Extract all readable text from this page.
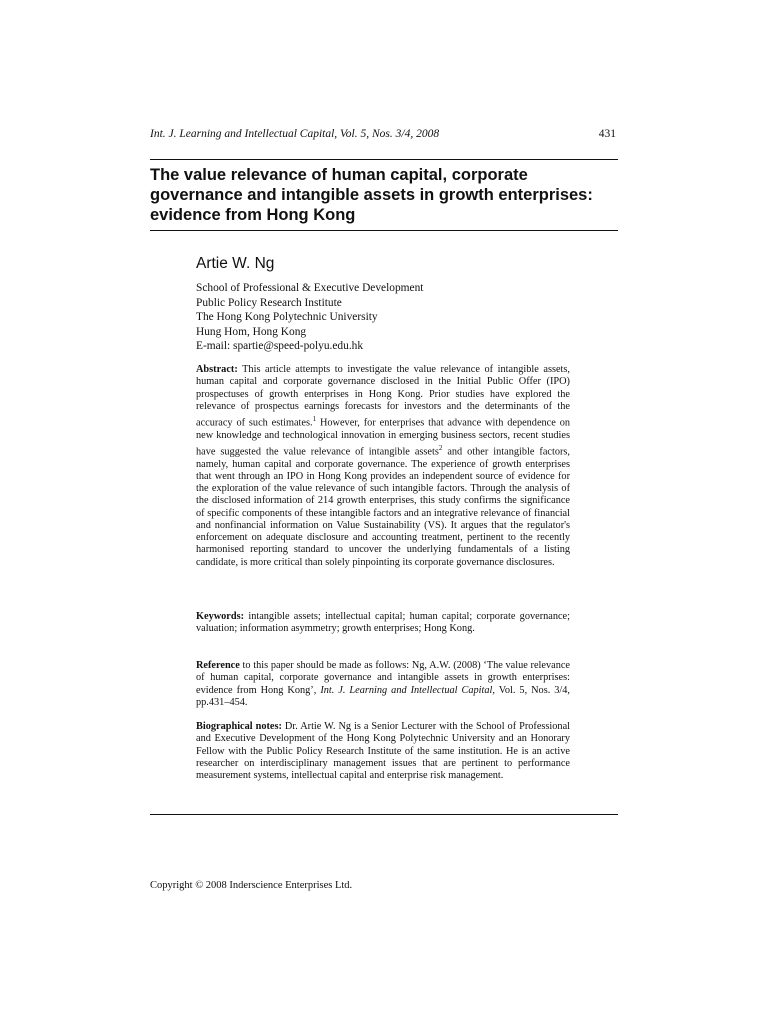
Int. J. Learning and Intellectual Capital, Vol. 5, Nos. 3/4, 2008	431
The value relevance of human capital, corporate governance and intangible assets in growth enterprises: evidence from Hong Kong
Artie W. Ng
School of Professional & Executive Development
Public Policy Research Institute
The Hong Kong Polytechnic University
Hung Hom, Hong Kong
E-mail: spartie@speed-polyu.edu.hk

Abstract: This article attempts to investigate the value relevance of intangible assets, human capital and corporate governance disclosed in the Initial Public Offer (IPO) prospectuses of growth enterprises in Hong Kong. Prior studies have explored the relevance of prospectus earnings forecasts for investors and the determinants of the accuracy of such estimates.$^1$ However, for enterprises that advance with dependence on new knowledge and technological innovation in emerging business sectors, recent studies have suggested the value relevance of intangible assets$^2$ and other intangible factors, namely, human capital and corporate governance. The experience of growth enterprises that went through an IPO in Hong Kong provides an independent source of evidence for the exploration of the value relevance of such intangible factors. Through the analysis of the disclosed information of 214 growth enterprises, this study confirms the significance of specific components of these intangible factors and an integrative relevance of financial and nonfinancial information on Value Sustainability (VS). It argues that the regulator's enforcement on adequate disclosure and accounting treatment, pertinent to the recently harmonised reporting standard to uncover the underlying fundamentals of a listing candidate, is more critical than solely pinpointing its corporate governance disclosures.

Keywords: intangible assets; intellectual capital; human capital; corporate governance; valuation; information asymmetry; growth enterprises; Hong Kong.

Reference to this paper should be made as follows: Ng, A.W. (2008) ‘The value relevance of human capital, corporate governance and intangible assets in growth enterprises: evidence from Hong Kong’, Int. J. Learning and Intellectual Capital, Vol. 5, Nos. 3/4, pp.431–454.

Biographical notes: Dr. Artie W. Ng is a Senior Lecturer with the School of Professional and Executive Development of the Hong Kong Polytechnic University and an Honorary Fellow with the Public Policy Research Institute of the same institution. He is an active researcher on interdisciplinary management issues that are pertinent to performance measurement systems, intellectual capital and enterprise risk management.

Copyright © 2008 Inderscience Enterprises Ltd.
